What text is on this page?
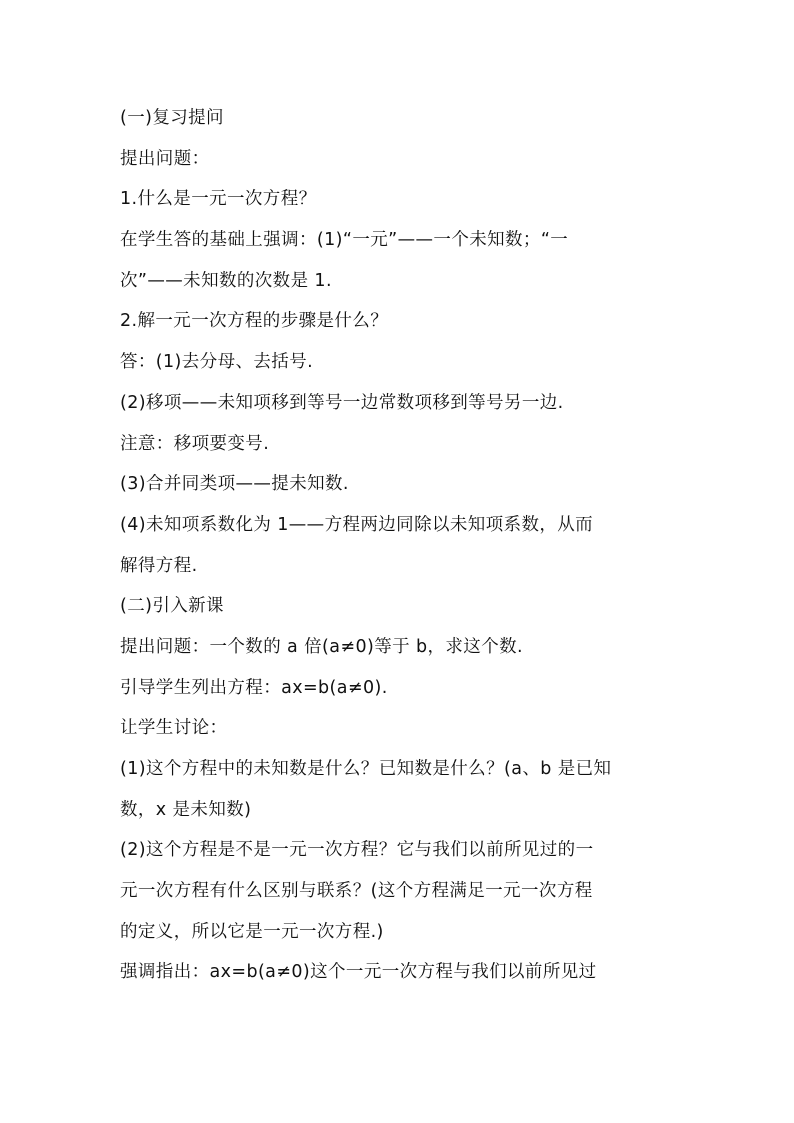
(一)复习提问
提出问题：
1.什么是一元一次方程？
在学生答的基础上强调：(1)“一元”——一个未知数；“一
次”——未知数的次数是 1.
2.解一元一次方程的步骤是什么？
答：(1)去分母、去括号.
(2)移项——未知项移到等号一边常数项移到等号另一边.
注意：移项要变号.
(3)合并同类项——提未知数.
(4)未知项系数化为 1——方程两边同除以未知项系数，从而
解得方程.
(二)引入新课
提出问题：一个数的 a 倍(a≠0)等于 b，求这个数.
引导学生列出方程：ax=b(a≠0).
让学生讨论：
(1)这个方程中的未知数是什么？已知数是什么？(a、b 是已知
数，x 是未知数)
(2)这个方程是不是一元一次方程？它与我们以前所见过的一
元一次方程有什么区别与联系？(这个方程满足一元一次方程
的定义，所以它是一元一次方程.)
强调指出：ax=b(a≠0)这个一元一次方程与我们以前所见过
